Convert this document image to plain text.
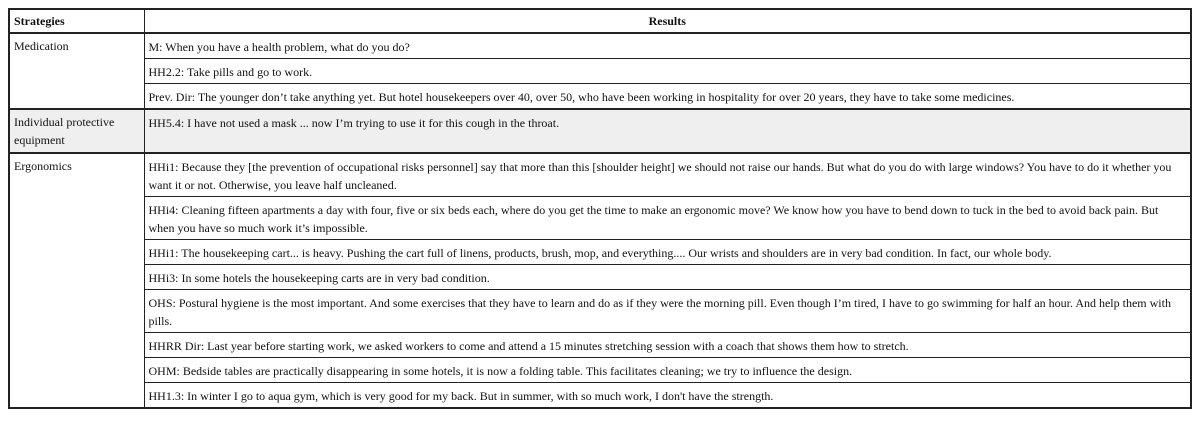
Strategies	Results
Medication	M: When you have a health problem, what do you do?
	HH2.2: Take pills and go to work.
	Prev. Dir: The younger don’t take anything yet. But hotel housekeepers over 40, over 50, who have been working in hospitality for over 20 years, they have to take some medicines.
Individual protective equipment	HH5.4: I have not used a mask ... now I’m trying to use it for this cough in the throat.
Ergonomics	HHi1: Because they [the prevention of occupational risks personnel] say that more than this [shoulder height] we should not raise our hands. But what do you do with large windows? You have to do it whether you want it or not. Otherwise, you leave half uncleaned.
	HHi4: Cleaning fifteen apartments a day with four, five or six beds each, where do you get the time to make an ergonomic move? We know how you have to bend down to tuck in the bed to avoid back pain. But when you have so much work it’s impossible.
	HHi1: The housekeeping cart... is heavy. Pushing the cart full of linens, products, brush, mop, and everything.... Our wrists and shoulders are in very bad condition. In fact, our whole body.
	HHi3: In some hotels the housekeeping carts are in very bad condition.
	OHS: Postural hygiene is the most important. And some exercises that they have to learn and do as if they were the morning pill. Even though I’m tired, I have to go swimming for half an hour. And help them with pills.
	HHRR Dir: Last year before starting work, we asked workers to come and attend a 15 minutes stretching session with a coach that shows them how to stretch.
	OHM: Bedside tables are practically disappearing in some hotels, it is now a folding table. This facilitates cleaning; we try to influence the design.
	HH1.3: In winter I go to aqua gym, which is very good for my back. But in summer, with so much work, I don't have the strength.
